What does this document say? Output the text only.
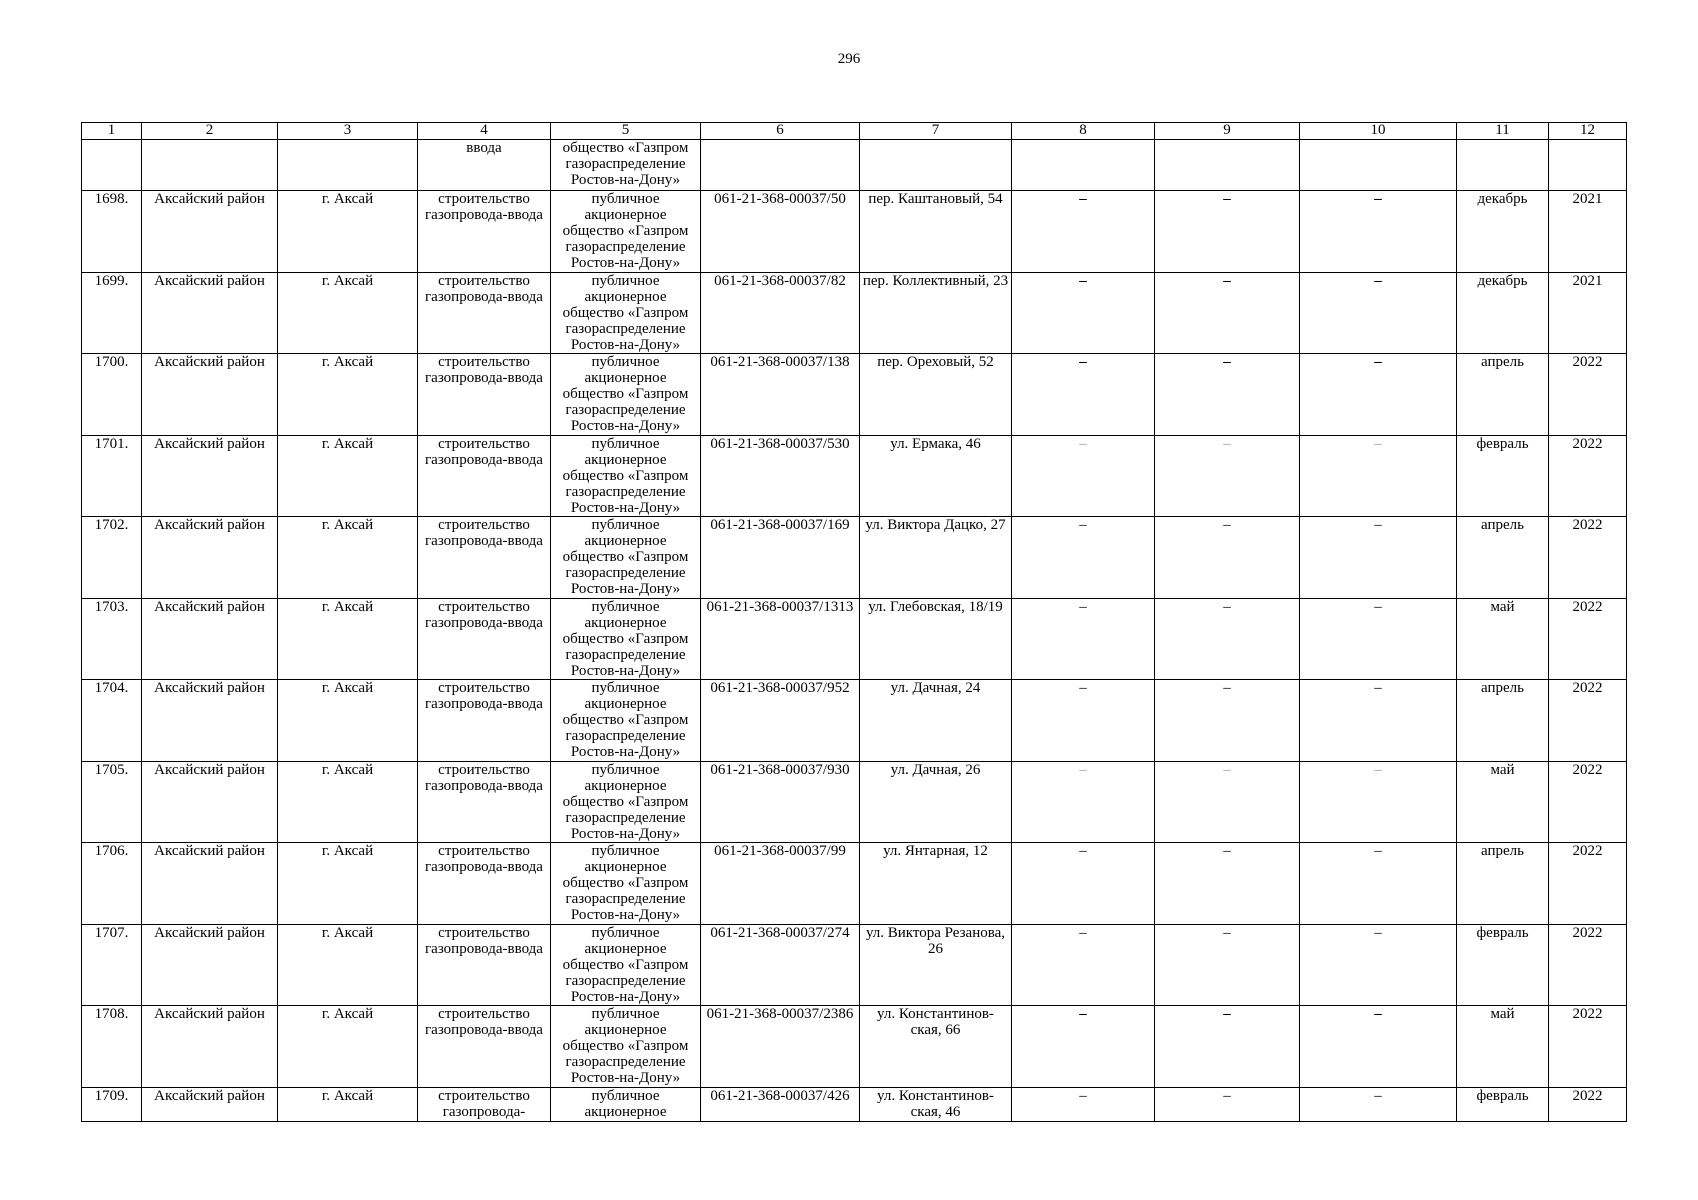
296
1	2	3	4	5	6	7	8	9	10	11	12
			ввода	общество «Газпром газораспределение Ростов-на-Дону»							
1698.	Аксайский район	г. Аксай	строительство газопровода-ввода	публичное акционерное общество «Газпром газораспределение Ростов-на-Дону»	061-21-368-00037/50	пер. Каштановый, 54	–	–	–	декабрь	2021
1699.	Аксайский район	г. Аксай	строительство газопровода-ввода	публичное акционерное общество «Газпром газораспределение Ростов-на-Дону»	061-21-368-00037/82	пер. Коллективный, 23	–	–	–	декабрь	2021
1700.	Аксайский район	г. Аксай	строительство газопровода-ввода	публичное акционерное общество «Газпром газораспределение Ростов-на-Дону»	061-21-368-00037/138	пер. Ореховый, 52	–	–	–	апрель	2022
1701.	Аксайский район	г. Аксай	строительство газопровода-ввода	публичное акционерное общество «Газпром газораспределение Ростов-на-Дону»	061-21-368-00037/530	ул. Ермака, 46	–	–	–	февраль	2022
1702.	Аксайский район	г. Аксай	строительство газопровода-ввода	публичное акционерное общество «Газпром газораспределение Ростов-на-Дону»	061-21-368-00037/169	ул. Виктора Дацко, 27	–	–	–	апрель	2022
1703.	Аксайский район	г. Аксай	строительство газопровода-ввода	публичное акционерное общество «Газпром газораспределение Ростов-на-Дону»	061-21-368-00037/1313	ул. Глебовская, 18/19	–	–	–	май	2022
1704.	Аксайский район	г. Аксай	строительство газопровода-ввода	публичное акционерное общество «Газпром газораспределение Ростов-на-Дону»	061-21-368-00037/952	ул. Дачная, 24	–	–	–	апрель	2022
1705.	Аксайский район	г. Аксай	строительство газопровода-ввода	публичное акционерное общество «Газпром газораспределение Ростов-на-Дону»	061-21-368-00037/930	ул. Дачная, 26	–	–	–	май	2022
1706.	Аксайский район	г. Аксай	строительство газопровода-ввода	публичное акционерное общество «Газпром газораспределение Ростов-на-Дону»	061-21-368-00037/99	ул. Янтарная, 12	–	–	–	апрель	2022
1707.	Аксайский район	г. Аксай	строительство газопровода-ввода	публичное акционерное общество «Газпром газораспределение Ростов-на-Дону»	061-21-368-00037/274	ул. Виктора Резанова, 26	–	–	–	февраль	2022
1708.	Аксайский район	г. Аксай	строительство газопровода-ввода	публичное акционерное общество «Газпром газораспределение Ростов-на-Дону»	061-21-368-00037/2386	ул. Константинов-ская, 66	–	–	–	май	2022
1709.	Аксайский район	г. Аксай	строительство газопровода-	публичное акционерное	061-21-368-00037/426	ул. Константинов-ская, 46	–	–	–	февраль	2022
